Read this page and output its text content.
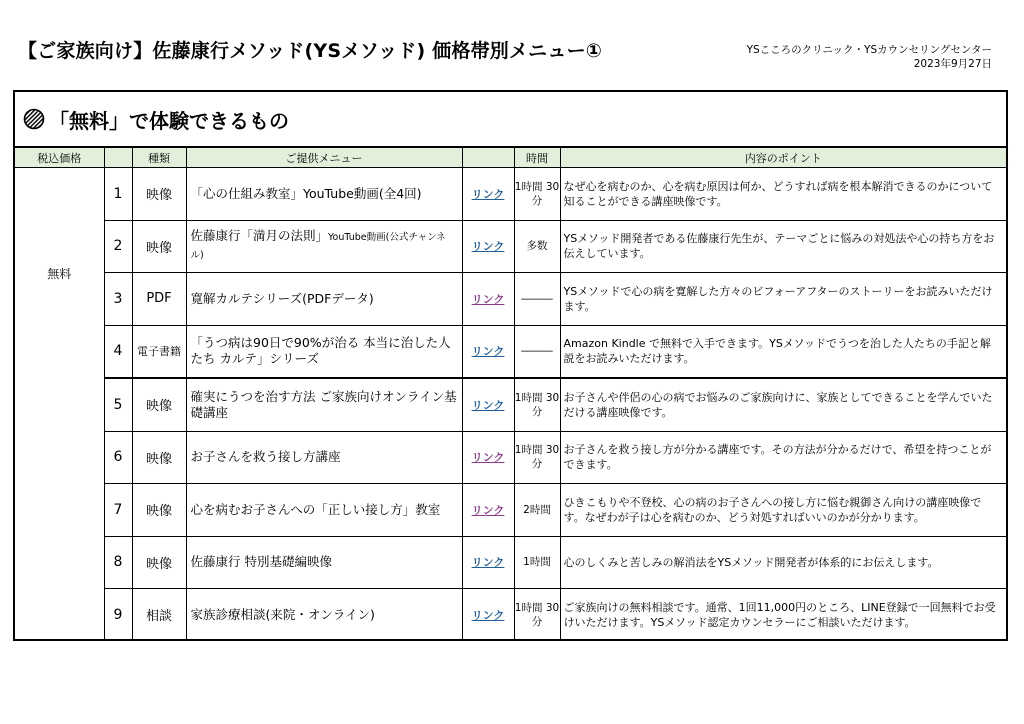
【ご家族向け】佐藤康行メソッド(YSメソッド) 価格帯別メニュー①	YSこころのクリニック・YSカウンセリングセンター
2023年9月27日
「無料」で体験できるもの
税込価格		種類	ご提供メニュー		時間	内容のポイント
無料	1	映像	「心の仕組み教室」YouTube動画(全4回)	リンク	1時間 30分	なぜ心を病むのか、心を病む原因は何か、どうすれば病を根本解消できるのかについて知ることができる講座映像です。
	2	映像	佐藤康行「満月の法則」YouTube動画(公式チャンネル)	リンク	多数	YSメソッド開発者である佐藤康行先生が、テーマごとに悩みの対処法や心の持ち方をお伝えしています。
	3	PDF	寛解カルテシリーズ(PDFデータ)	リンク	―――	YSメソッドで心の病を寛解した方々のビフォーアフターのストーリーをお読みいただけます。
	4	電子書籍	「うつ病は90日で90%が治る 本当に治した人たち カルテ」シリーズ	リンク	―――	Amazon Kindle で無料で入手できます。YSメソッドでうつを治した人たちの手記と解説をお読みいただけます。
	5	映像	確実にうつを治す方法 ご家族向けオンライン基礎講座	リンク	1時間 30分	お子さんや伴侶の心の病でお悩みのご家族向けに、家族としてできることを学んでいただける講座映像です。
	6	映像	お子さんを救う接し方講座	リンク	1時間 30分	お子さんを救う接し方が分かる講座です。その方法が分かるだけで、希望を持つことができます。
	7	映像	心を病むお子さんへの「正しい接し方」教室	リンク	2時間	ひきこもりや不登校、心の病のお子さんへの接し方に悩む親御さん向けの講座映像です。なぜわが子は心を病むのか、どう対処すればいいのかが分かります。
	8	映像	佐藤康行 特別基礎編映像	リンク	1時間	心のしくみと苦しみの解消法をYSメソッド開発者が体系的にお伝えします。
	9	相談	家族診療相談(来院・オンライン)	リンク	1時間 30分	ご家族向けの無料相談です。通常、1回11,000円のところ、LINE登録で一回無料でお受けいただけます。YSメソッド認定カウンセラーにご相談いただけます。
